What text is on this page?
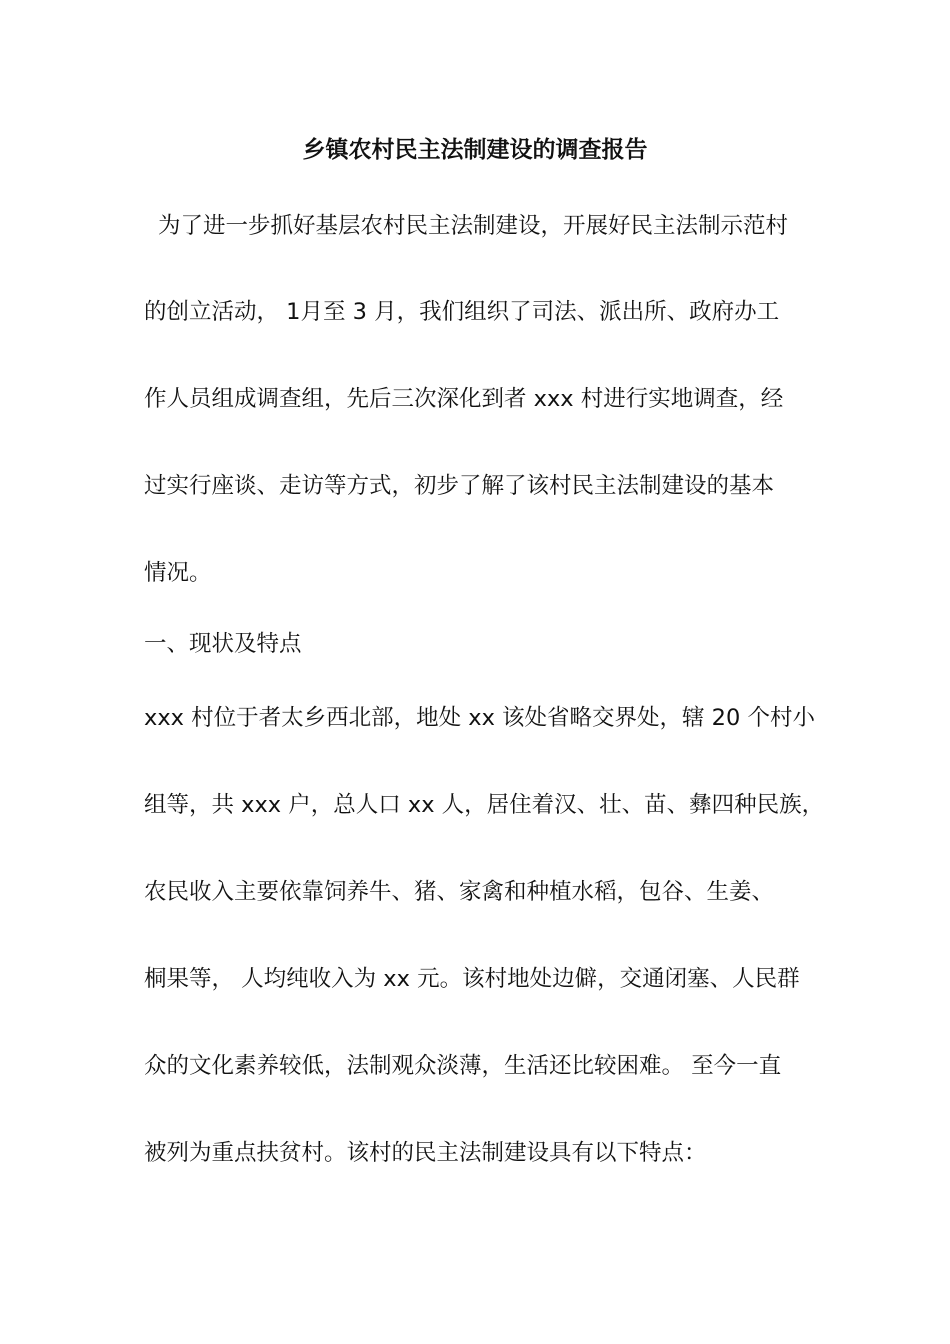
乡镇农村民主法制建设的调查报告
为了进一步抓好基层农村民主法制建设，开展好民主法制示范村
的创立活动， 1月至 3 月，我们组织了司法、派出所、政府办工
作人员组成调查组，先后三次深化到者 xxx 村进行实地调查，经
过实行座谈、走访等方式，初步了解了该村民主法制建设的基本
情况。
一、现状及特点
xxx 村位于者太乡西北部，地处 xx 该处省略交界处，辖 20 个村小
组等，共 xxx 户，总人口 xx 人，居住着汉、壮、苗、彝四种民族，
农民收入主要依靠饲养牛、猪、家禽和种植水稻，包谷、生姜、
桐果等， 人均纯收入为 xx 元。该村地处边僻，交通闭塞、人民群
众的文化素养较低，法制观众淡薄，生活还比较困难。 至今一直
被列为重点扶贫村。该村的民主法制建设具有以下特点：
